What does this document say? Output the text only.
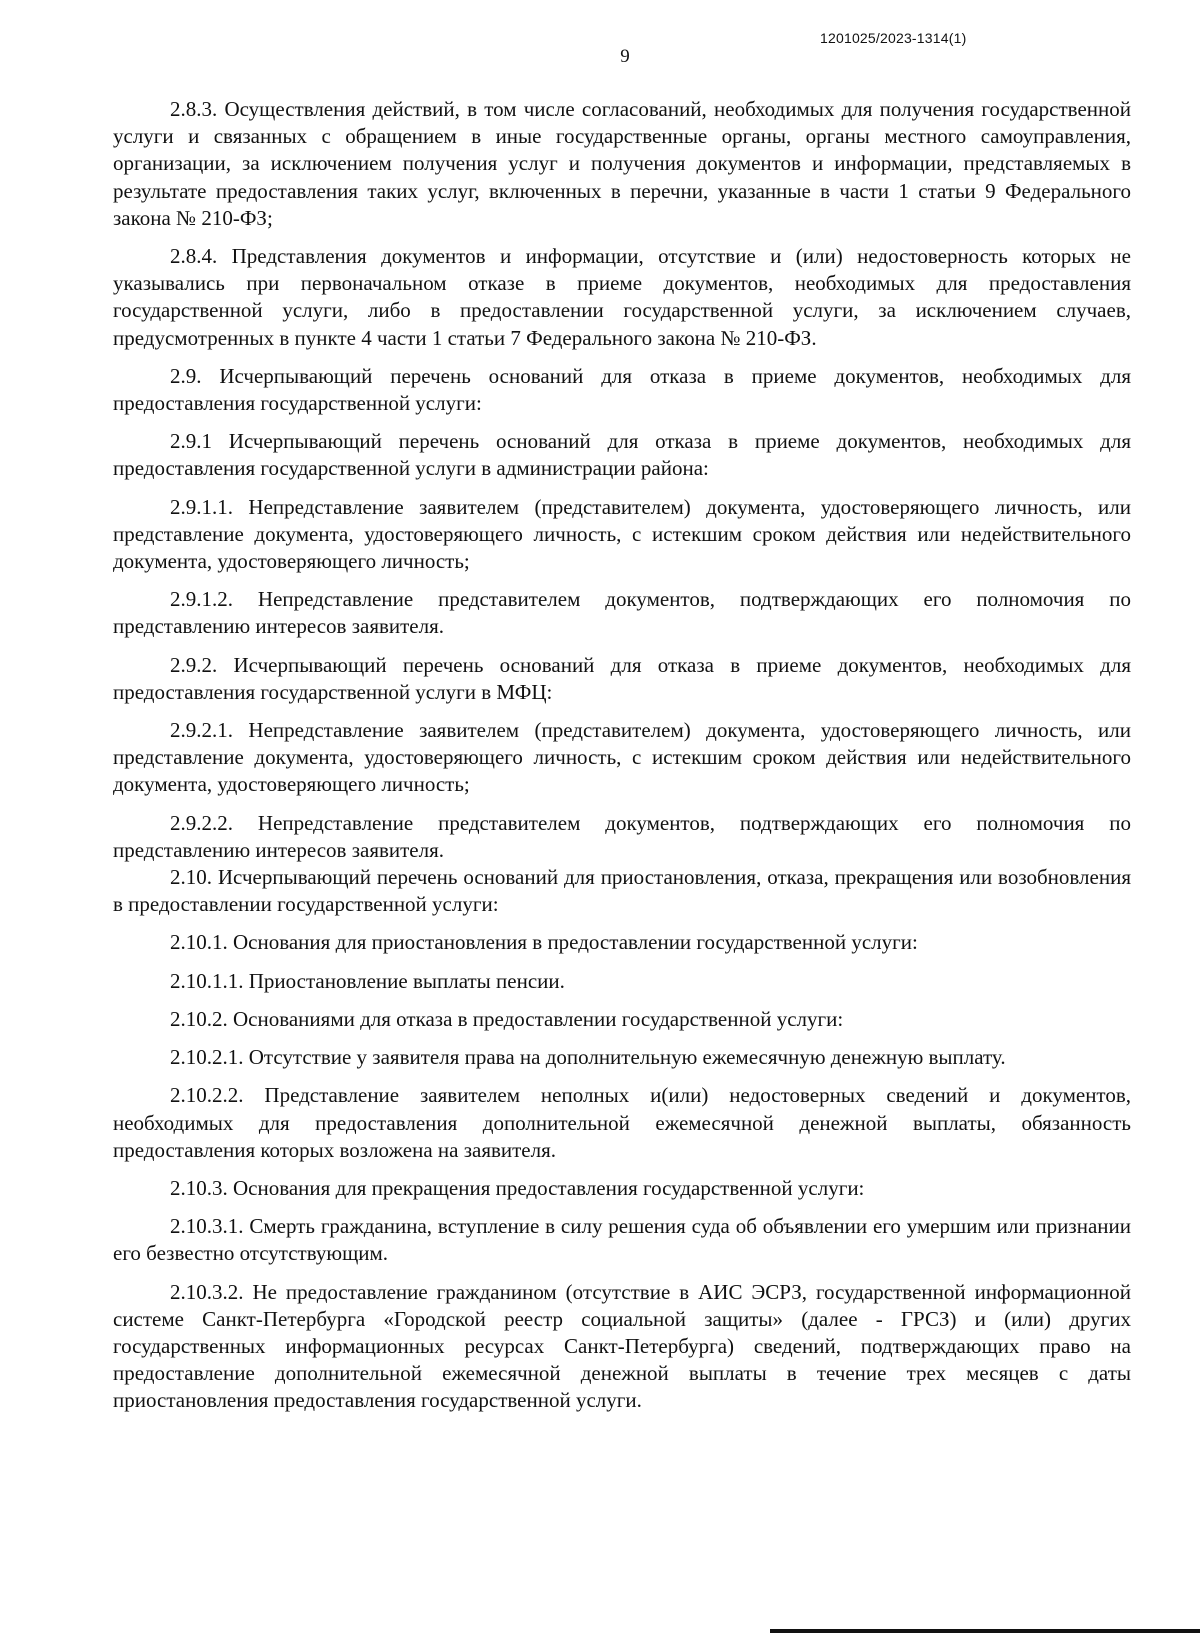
1201025/2023-1314(1)
9

2.8.3. Осуществления действий, в том числе согласований, необходимых для получения государственной услуги и связанных с обращением в иные государственные органы, органы местного самоуправления, организации, за исключением получения услуг и получения документов и информации, представляемых в результате предоставления таких услуг, включенных в перечни, указанные в части 1 статьи 9 Федерального закона № 210-ФЗ;

2.8.4. Представления документов и информации, отсутствие и (или) недостоверность которых не указывались при первоначальном отказе в приеме документов, необходимых для предоставления государственной услуги, либо в предоставлении государственной услуги, за исключением случаев, предусмотренных в пункте 4 части 1 статьи 7 Федерального закона № 210-ФЗ.

2.9. Исчерпывающий перечень оснований для отказа в приеме документов, необходимых для предоставления государственной услуги:

2.9.1 Исчерпывающий перечень оснований для отказа в приеме документов, необходимых для предоставления государственной услуги в администрации района:

2.9.1.1. Непредставление заявителем (представителем) документа, удостоверяющего личность, или представление документа, удостоверяющего личность, с истекшим сроком действия или недействительного документа, удостоверяющего личность;

2.9.1.2. Непредставление представителем документов, подтверждающих его полномочия по представлению интересов заявителя.

2.9.2. Исчерпывающий перечень оснований для отказа в приеме документов, необходимых для предоставления государственной услуги в МФЦ:

2.9.2.1. Непредставление заявителем (представителем) документа, удостоверяющего личность, или представление документа, удостоверяющего личность, с истекшим сроком действия или недействительного документа, удостоверяющего личность;

2.9.2.2. Непредставление представителем документов, подтверждающих его полномочия по представлению интересов заявителя.

2.10. Исчерпывающий перечень оснований для приостановления, отказа, прекращения или возобновления в предоставлении государственной услуги:

2.10.1. Основания для приостановления в предоставлении государственной услуги:

2.10.1.1. Приостановление выплаты пенсии.

2.10.2. Основаниями для отказа в предоставлении государственной услуги:

2.10.2.1. Отсутствие у заявителя права на дополнительную ежемесячную денежную выплату.

2.10.2.2. Представление заявителем неполных и(или) недостоверных сведений и документов, необходимых для предоставления дополнительной ежемесячной денежной выплаты, обязанность предоставления которых возложена на заявителя.

2.10.3. Основания для прекращения предоставления государственной услуги:

2.10.3.1. Смерть гражданина, вступление в силу решения суда об объявлении его умершим или признании его безвестно отсутствующим.

2.10.3.2. Не предоставление гражданином (отсутствие в АИС ЭСРЗ, государственной информационной системе Санкт-Петербурга «Городской реестр социальной защиты» (далее - ГРСЗ) и (или) других государственных информационных ресурсах Санкт-Петербурга) сведений, подтверждающих право на предоставление дополнительной ежемесячной денежной выплаты в течение трех месяцев с даты приостановления предоставления государственной услуги.
